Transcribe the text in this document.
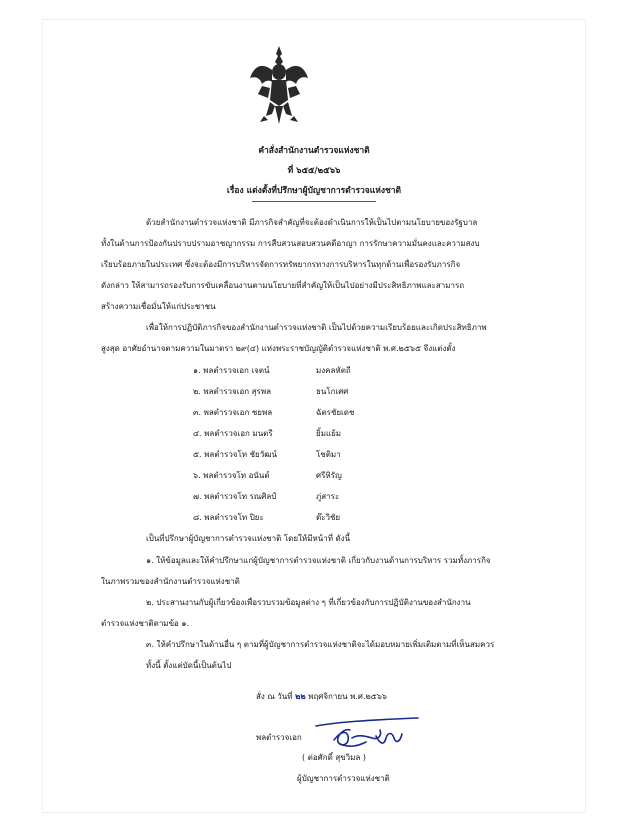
คำสั่งสำนักงานตำรวจแห่งชาติ
ที่ ๖๕๕/๒๕๖๖
เรื่อง แต่งตั้งที่ปรึกษาผู้บัญชาการตำรวจแห่งชาติ
ด้วยสำนักงานตำรวจแห่งชาติ มีภารกิจสำคัญที่จะต้องดำเนินการให้เป็นไปตามนโยบายของรัฐบาล
ทั้งในด้านการป้องกันปราบปรามอาชญากรรม การสืบสวนสอบสวนคดีอาญา การรักษาความมั่นคงและความสงบ
เรียบร้อยภายในประเทศ ซึ่งจะต้องมีการบริหารจัดการทรัพยากรทางการบริหารในทุกด้านเพื่อรองรับภารกิจ
ดังกล่าว ให้สามารถรองรับการขับเคลื่อนงานตามนโยบายที่สำคัญให้เป็นไปอย่างมีประสิทธิภาพและสามารถ
สร้างความเชื่อมั่นให้แก่ประชาชน
เพื่อให้การปฏิบัติภารกิจของสำนักงานตำรวจแห่งชาติ เป็นไปด้วยความเรียบร้อยและเกิดประสิทธิภาพ
สูงสุด อาศัยอำนาจตามความในมาตรา ๒๙(๔) แห่งพระราชบัญญัติตำรวจแห่งชาติ พ.ศ.๒๕๖๕ จึงแต่งตั้ง
๑. พลตำรวจเอก เจตน์	มงคลหัตถี
๒. พลตำรวจเอก สุรพล	ธนโกเศศ
๓. พลตำรวจเอก ชยพล	ฉัตรชัยเดช
๔. พลตำรวจเอก มนตรี	ยิ้มแย้ม
๕. พลตำรวจโท ชัยวัฒน์	โชติมา
๖. พลตำรวจโท อนันต์	ศรีหิรัญ
๗. พลตำรวจโท รณศิลป์	ภู่สาระ
๘. พลตำรวจโท ปิยะ	ต๊ะวิชัย
เป็นที่ปรึกษาผู้บัญชาการตำรวจแห่งชาติ โดยให้มีหน้าที่ ดังนี้
๑. ให้ข้อมูลและให้คำปรึกษาแก่ผู้บัญชาการตำรวจแห่งชาติ เกี่ยวกับงานด้านการบริหาร รวมทั้งภารกิจ
ในภาพรวมของสำนักงานตำรวจแห่งชาติ
๒. ประสานงานกับผู้เกี่ยวข้องเพื่อรวบรวมข้อมูลต่าง ๆ ที่เกี่ยวข้องกับการปฏิบัติงานของสำนักงาน
ตำรวจแห่งชาติตามข้อ ๑.
๓. ให้คำปรึกษาในด้านอื่น ๆ ตามที่ผู้บัญชาการตำรวจแห่งชาติจะได้มอบหมายเพิ่มเติมตามที่เห็นสมควร
ทั้งนี้ ตั้งแต่บัดนี้เป็นต้นไป
สั่ง ณ วันที่ ๒๒ พฤศจิกายน พ.ศ.๒๕๖๖
พลตำรวจเอก
( ต่อศักดิ์ สุขวิมล )
ผู้บัญชาการตำรวจแห่งชาติ
